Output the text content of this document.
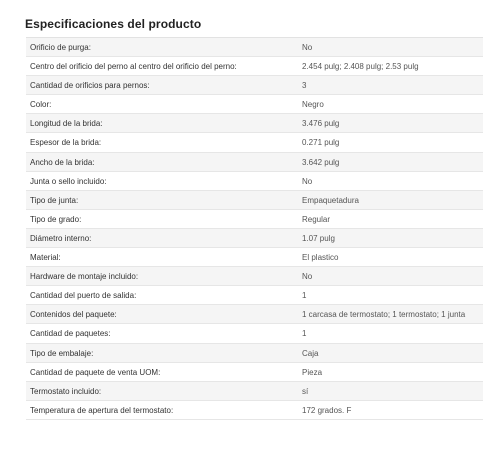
Especificaciones del producto
Orificio de purga:	No
Centro del orificio del perno al centro del orificio del perno:	2.454 pulg; 2.408 pulg; 2.53 pulg
Cantidad de orificios para pernos:	3
Color:	Negro
Longitud de la brida:	3.476 pulg
Espesor de la brida:	0.271 pulg
Ancho de la brida:	3.642 pulg
Junta o sello incluido:	No
Tipo de junta:	Empaquetadura
Tipo de grado:	Regular
Diámetro interno:	1.07 pulg
Material:	El plastico
Hardware de montaje incluido:	No
Cantidad del puerto de salida:	1
Contenidos del paquete:	1 carcasa de termostato; 1 termostato; 1 junta
Cantidad de paquetes:	1
Tipo de embalaje:	Caja
Cantidad de paquete de venta UOM:	Pieza
Termostato incluido:	sí
Temperatura de apertura del termostato:	172 grados. F
